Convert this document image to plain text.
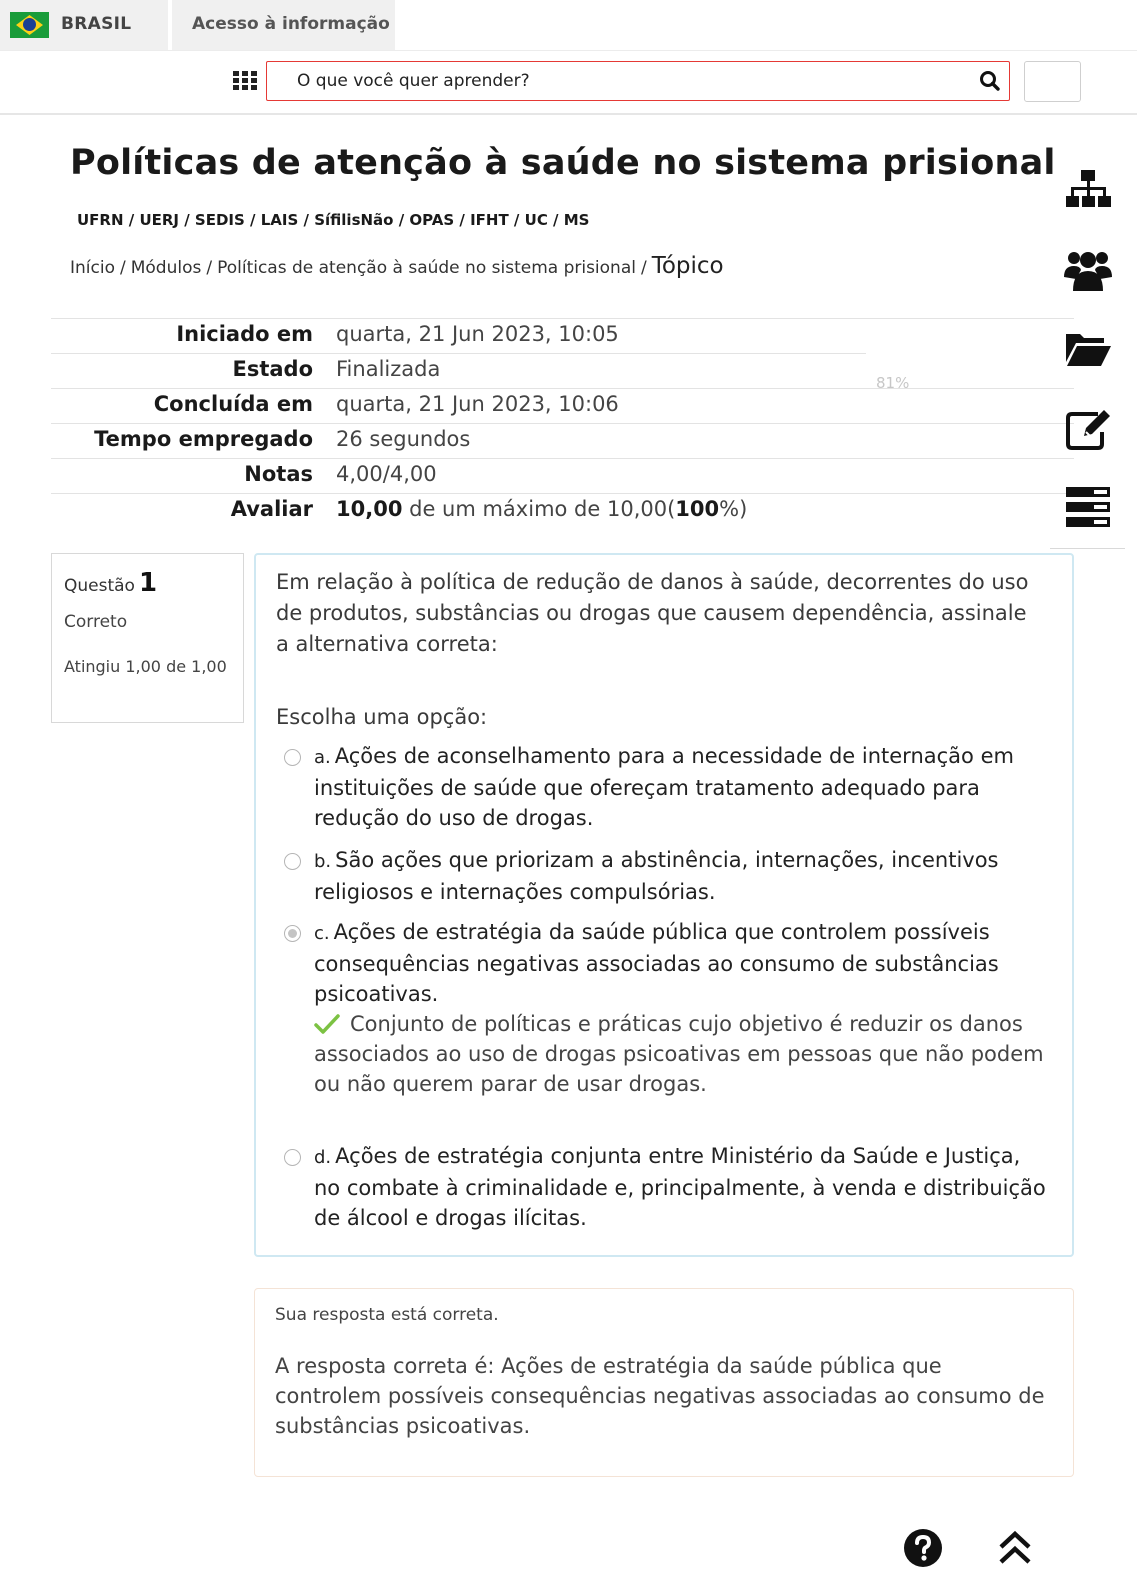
BRASIL	Acesso à informação
O que você quer aprender?
Políticas de atenção à saúde no sistema prisional
UFRN / UERJ / SEDIS / LAIS / SífilisNão / OPAS / IFHT / UC / MS
Início / Módulos / Políticas de atenção à saúde no sistema prisional / Tópico
Iniciado em quarta, 21 Jun 2023, 10:05
Estado Finalizada
Concluída em quarta, 21 Jun 2023, 10:06
Tempo empregado 26 segundos
Notas 4,00/4,00
Avaliar 10,00 de um máximo de 10,00(100%)
81%
Questão 1
Correto
Atingiu 1,00 de 1,00
Em relação à política de redução de danos à saúde, decorrentes do uso de produtos, substâncias ou drogas que causem dependência, assinale a alternativa correta:
Escolha uma opção:
a. Ações de aconselhamento para a necessidade de internação em instituições de saúde que ofereçam tratamento adequado para redução do uso de drogas.
b. São ações que priorizam a abstinência, internações, incentivos religiosos e internações compulsórias.
c. Ações de estratégia da saúde pública que controlem possíveis consequências negativas associadas ao consumo de substâncias psicoativas.
Conjunto de políticas e práticas cujo objetivo é reduzir os danos associados ao uso de drogas psicoativas em pessoas que não podem ou não querem parar de usar drogas.
d. Ações de estratégia conjunta entre Ministério da Saúde e Justiça, no combate à criminalidade e, principalmente, à venda e distribuição de álcool e drogas ilícitas.
Sua resposta está correta.
A resposta correta é: Ações de estratégia da saúde pública que controlem possíveis consequências negativas associadas ao consumo de substâncias psicoativas.
